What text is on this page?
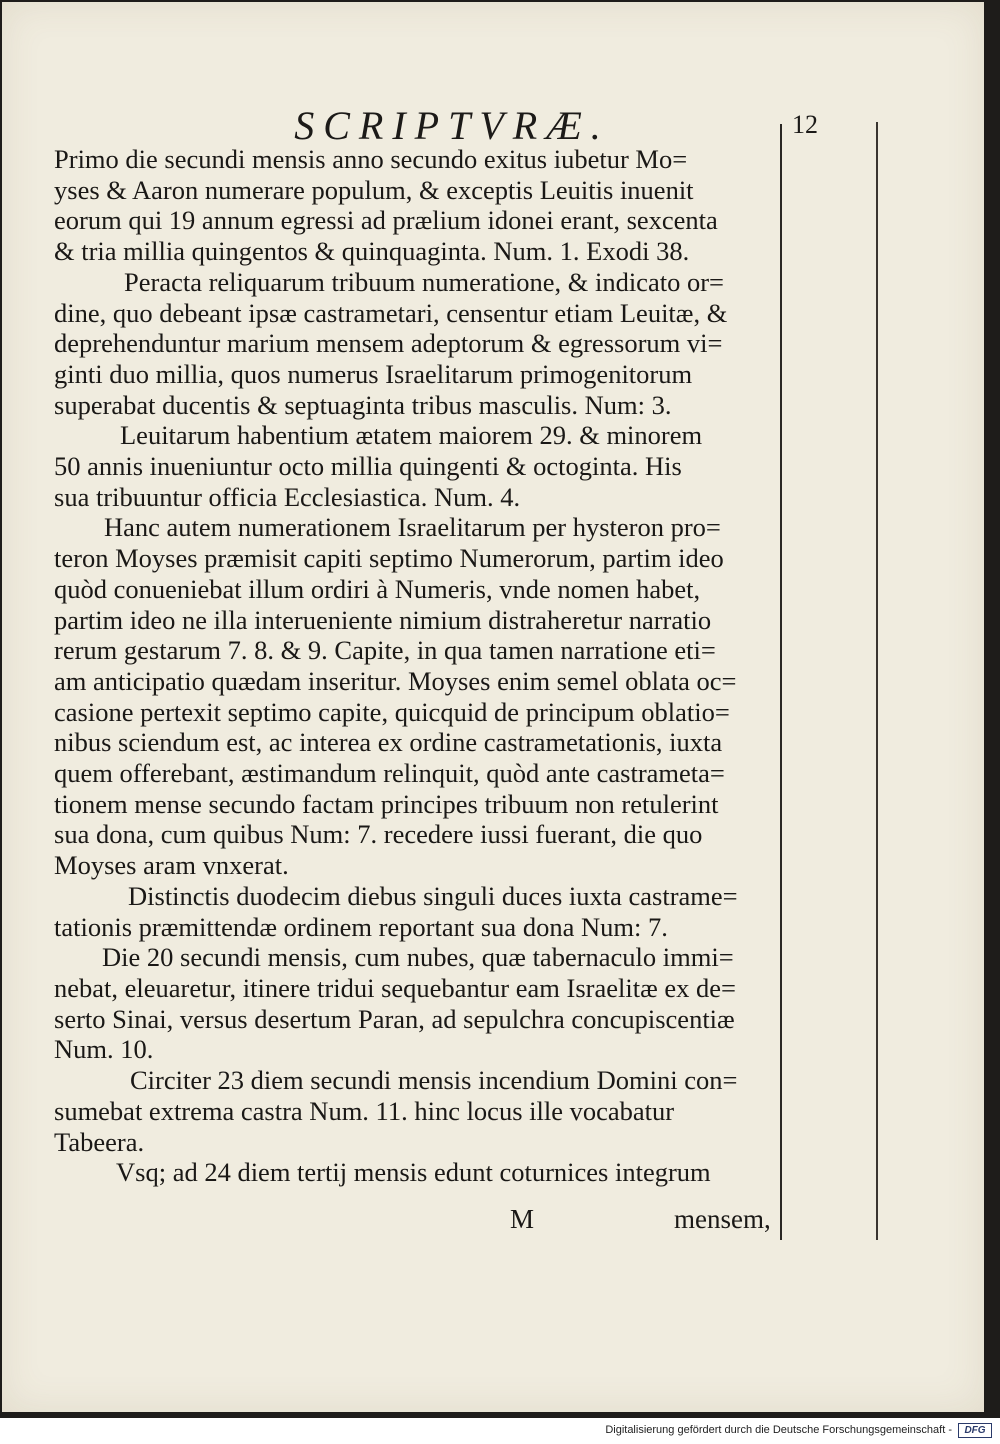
SCRIPTVRÆ.	12
Primo die secundi mensis anno secundo exitus iubetur Mo=
yses & Aaron numerare populum, & exceptis Leuitis inuenit
eorum qui 19 annum egressi ad prælium idonei erant, sexcenta
& tria millia quingentos & quinquaginta. Num. 1. Exodi 38.
Peracta reliquarum tribuum numeratione, & indicato or=
dine, quo debeant ipsæ castrametari, censentur etiam Leuitæ, &
deprehenduntur marium mensem adeptorum & egressorum vi=
ginti duo millia, quos numerus Israelitarum primogenitorum
superabat ducentis & septuaginta tribus masculis. Num: 3.
Leuitarum habentium ætatem maiorem 29. & minorem
50 annis inueniuntur octo millia quingenti & octoginta. His
sua tribuuntur officia Ecclesiastica. Num. 4.
Hanc autem numerationem Israelitarum per hysteron pro=
teron Moyses præmisit capiti septimo Numerorum, partim ideo
quòd conueniebat illum ordiri à Numeris, vnde nomen habet,
partim ideo ne illa interueniente nimium distraheretur narratio
rerum gestarum 7. 8. & 9. Capite, in qua tamen narratione eti=
am anticipatio quædam inseritur. Moyses enim semel oblata oc=
casione pertexit septimo capite, quicquid de principum oblatio=
nibus sciendum est, ac interea ex ordine castrametationis, iuxta
quem offerebant, æstimandum relinquit, quòd ante castrameta=
tionem mense secundo factam principes tribuum non retulerint
sua dona, cum quibus Num: 7. recedere iussi fuerant, die quo
Moyses aram vnxerat.
Distinctis duodecim diebus singuli duces iuxta castrame=
tationis præmittendæ ordinem reportant sua dona Num: 7.
Die 20 secundi mensis, cum nubes, quæ tabernaculo immi=
nebat, eleuaretur, itinere tridui sequebantur eam Israelitæ ex de=
serto Sinai, versus desertum Paran, ad sepulchra concupiscentiæ
Num. 10.
Circiter 23 diem secundi mensis incendium Domini con=
sumebat extrema castra Num. 11. hinc locus ille vocabatur
Tabeera.
Vsq; ad 24 diem tertij mensis edunt coturnices integrum
M	mensem,
Digitalisierung gefördert durch die Deutsche Forschungsgemeinschaft -	DFG
